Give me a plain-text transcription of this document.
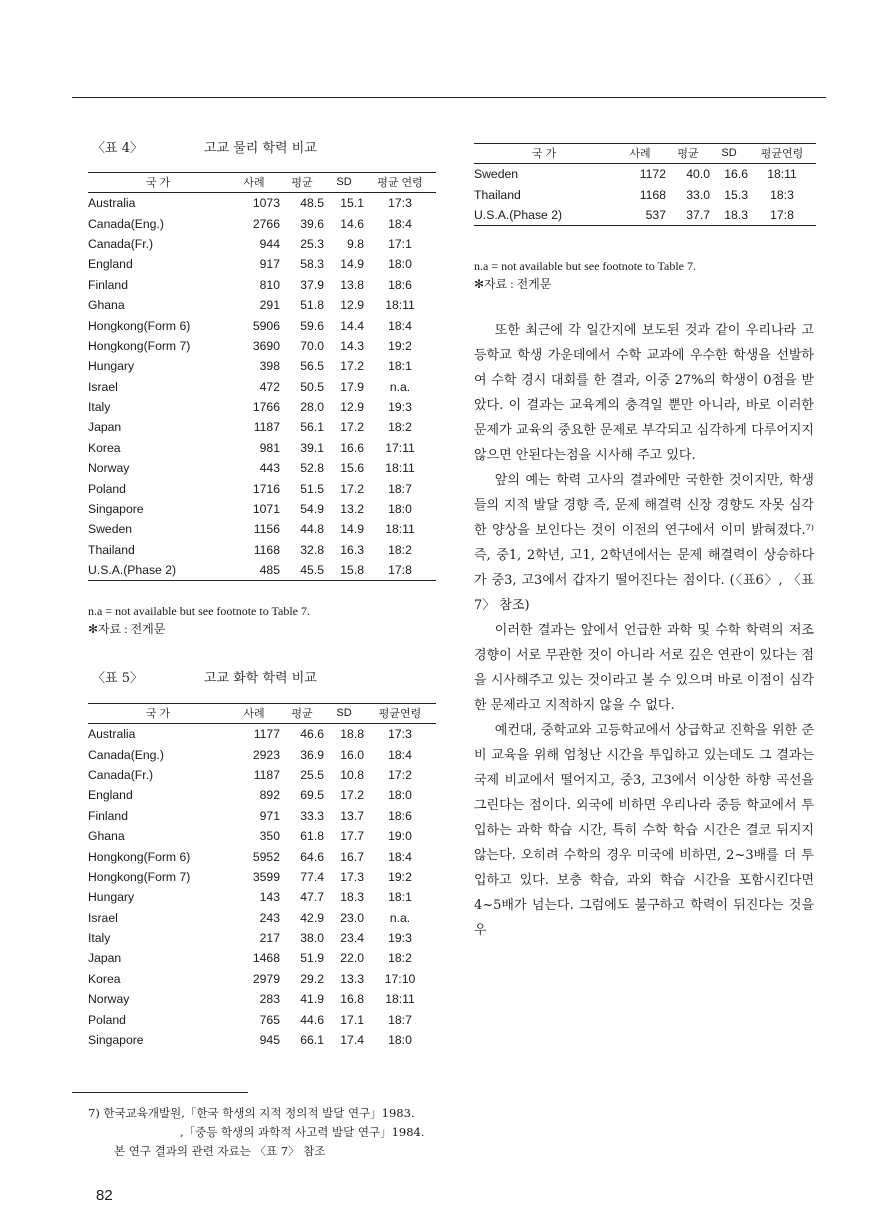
〈표 4〉	고교 물리 학력 비교
국 가	사례	평균	SD	평균 연령
Australia	1073	48.5	15.1	17:3
Canada(Eng.)	2766	39.6	14.6	18:4
Canada(Fr.)	944	25.3	9.8	17:1
England	917	58.3	14.9	18:0
Finland	810	37.9	13.8	18:6
Ghana	291	51.8	12.9	18:11
Hongkong(Form 6)	5906	59.6	14.4	18:4
Hongkong(Form 7)	3690	70.0	14.3	19:2
Hungary	398	56.5	17.2	18:1
Israel	472	50.5	17.9	n.a.
Italy	1766	28.0	12.9	19:3
Japan	1187	56.1	17.2	18:2
Korea	981	39.1	16.6	17:11
Norway	443	52.8	15.6	18:11
Poland	1716	51.5	17.2	18:7
Singapore	1071	54.9	13.2	18:0
Sweden	1156	44.8	14.9	18:11
Thailand	1168	32.8	16.3	18:2
U.S.A.(Phase 2)	485	45.5	15.8	17:8
n.a = not available but see footnote to Table 7.
✻자료 : 전게문
〈표 5〉	고교 화학 학력 비교
국 가	사례	평균	SD	평균연령
Australia	1177	46.6	18.8	17:3
Canada(Eng.)	2923	36.9	16.0	18:4
Canada(Fr.)	1187	25.5	10.8	17:2
England	892	69.5	17.2	18:0
Finland	971	33.3	13.7	18:6
Ghana	350	61.8	17.7	19:0
Hongkong(Form 6)	5952	64.6	16.7	18:4
Hongkong(Form 7)	3599	77.4	17.3	19:2
Hungary	143	47.7	18.3	18:1
Israel	243	42.9	23.0	n.a.
Italy	217	38.0	23.4	19:3
Japan	1468	51.9	22.0	18:2
Korea	2979	29.2	13.3	17:10
Norway	283	41.9	16.8	18:11
Poland	765	44.6	17.1	18:7
Singapore	945	66.1	17.4	18:0
국 가	사례	평균	SD	평균연령
Sweden	1172	40.0	16.6	18:11
Thailand	1168	33.0	15.3	18:3
U.S.A.(Phase 2)	537	37.7	18.3	17:8
n.a = not available but see footnote to Table 7.
✻자료 : 전게문

또한 최근에 각 일간지에 보도된 것과 같이 우리나라 고등학교 학생 가운데에서 수학 교과에 우수한 학생을 선발하여 수학 경시 대회를 한 결과, 이중 27%의 학생이 0점을 받았다. 이 결과는 교육계의 충격일 뿐만 아니라, 바로 이러한 문제가 교육의 중요한 문제로 부각되고 심각하게 다루어지지 않으면 안된다는점을 시사해 주고 있다.

앞의 예는 학력 고사의 결과에만 국한한 것이지만, 학생들의 지적 발달 경향 즉, 문제 해결력 신장 경향도 자못 심각한 양상을 보인다는 것이 이전의 연구에서 이미 밝혀졌다.⁷⁾ 즉, 중1, 2학년, 고1, 2학년에서는 문제 해결력이 상승하다가 중3, 고3에서 갑자기 떨어진다는 점이다. (〈표6〉, 〈표7〉 참조)

이러한 결과는 앞에서 언급한 과학 및 수학 학력의 저조 경향이 서로 무관한 것이 아니라 서로 깊은 연관이 있다는 점을 시사해주고 있는 것이라고 볼 수 있으며 바로 이점이 심각한 문제라고 지적하지 않을 수 없다.

예컨대, 중학교와 고등학교에서 상급학교 진학을 위한 준비 교육을 위해 엄청난 시간을 투입하고 있는데도 그 결과는 국제 비교에서 떨어지고, 중3, 고3에서 이상한 하향 곡선을 그린다는 점이다. 외국에 비하면 우리나라 중등 학교에서 투입하는 과학 학습 시간, 특히 수학 학습 시간은 결코 뒤지지 않는다. 오히려 수학의 경우 미국에 비하면, 2~3배를 더 투입하고 있다. 보충 학습, 과외 학습 시간을 포함시킨다면 4~5배가 넘는다. 그럼에도 불구하고 학력이 뒤진다는 것을 우

7) 한국교육개발원,「한국 학생의 지적 정의적 발달 연구」1983.
,「중등 학생의 과학적 사고력 발달 연구」1984.
본 연구 결과의 관련 자료는 〈표 7〉 참조
82
